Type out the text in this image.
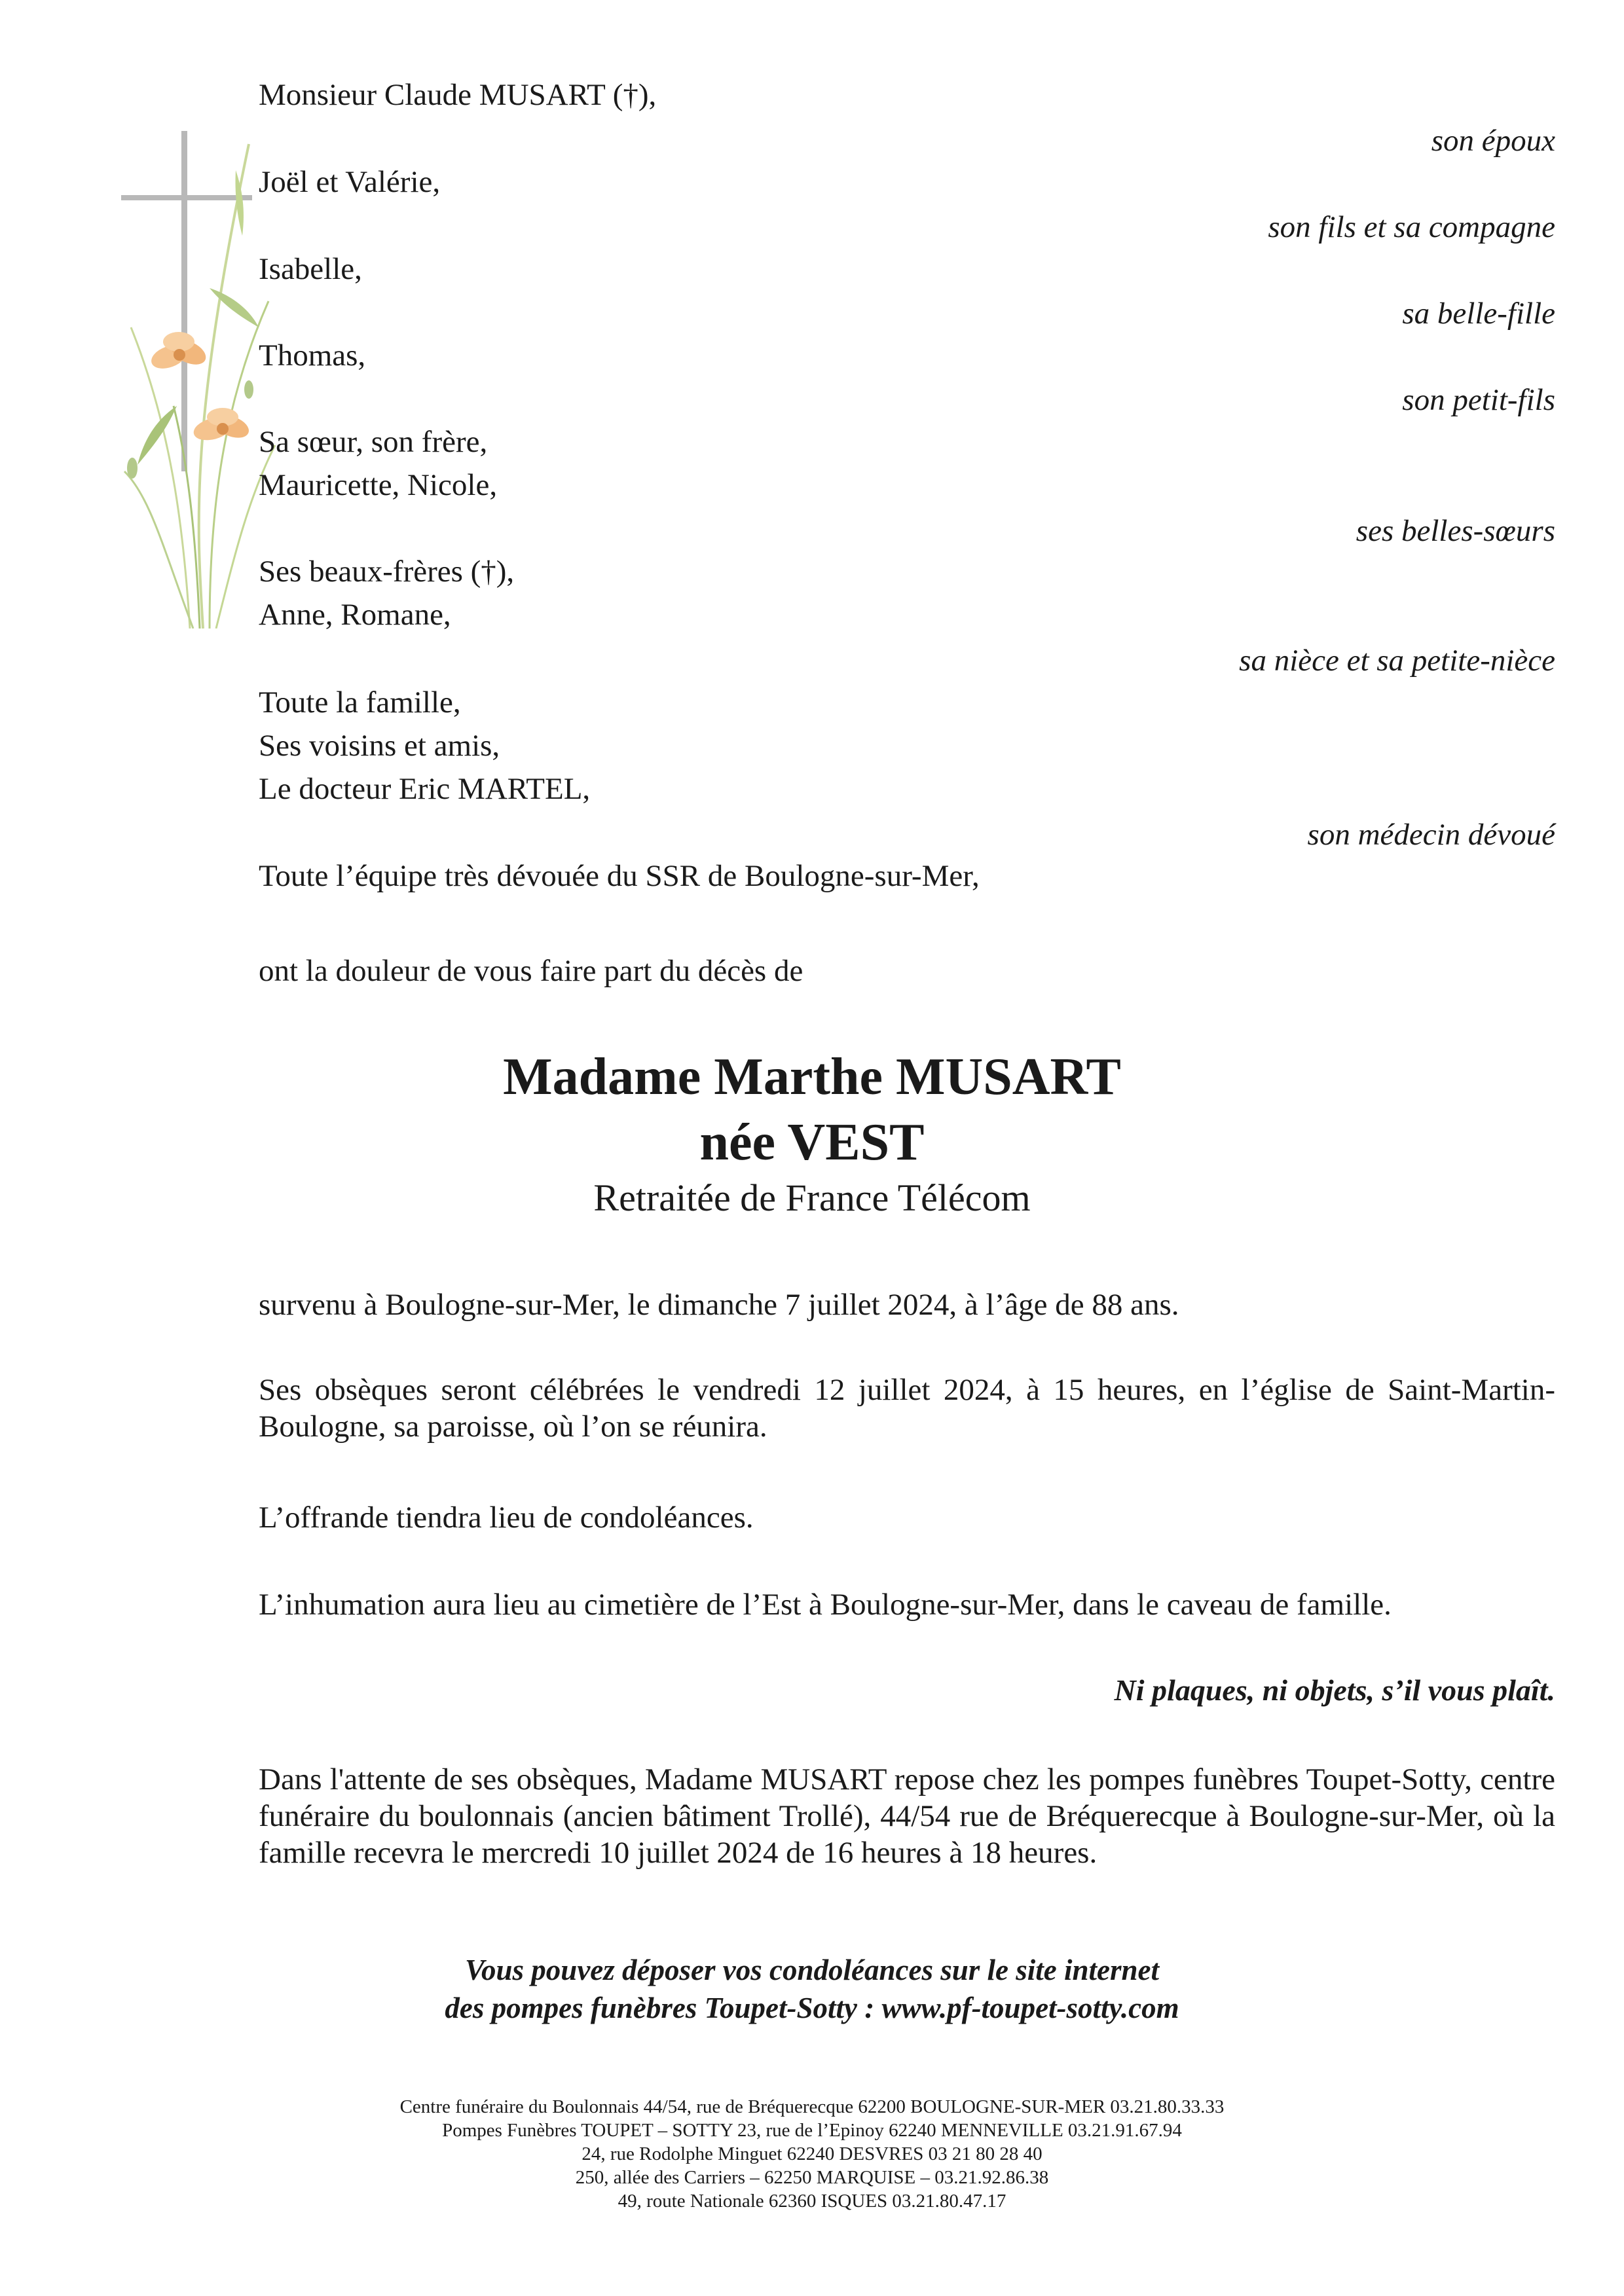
Monsieur Claude MUSART (†),
son époux
Joël et Valérie,
son fils et sa compagne
Isabelle,
sa belle-fille
Thomas,
son petit-fils
Sa sœur, son frère,
Mauricette, Nicole,
ses belles-sœurs
Ses beaux-frères (†),
Anne, Romane,
sa nièce et sa petite-nièce
Toute la famille,
Ses voisins et amis,
Le docteur Eric MARTEL,
son médecin dévoué
Toute l’équipe très dévouée du SSR de Boulogne-sur-Mer,
ont la douleur de vous faire part du décès de
Madame Marthe MUSART
née VEST
Retraitée de France Télécom
survenu à Boulogne-sur-Mer, le dimanche 7 juillet 2024, à l’âge de 88 ans.
Ses obsèques seront célébrées le vendredi 12 juillet 2024, à 15 heures, en l’église de Saint-Martin-Boulogne, sa paroisse, où l’on se réunira.
L’offrande tiendra lieu de condoléances.
L’inhumation aura lieu au cimetière de l’Est à Boulogne-sur-Mer, dans le caveau de famille.
Ni plaques, ni objets, s’il vous plaît.
Dans l'attente de ses obsèques, Madame MUSART repose chez les pompes funèbres Toupet-Sotty, centre funéraire du boulonnais (ancien bâtiment Trollé), 44/54 rue de Bréquerecque à Boulogne-sur-Mer, où la famille recevra le mercredi 10 juillet 2024 de 16 heures à 18 heures.
Vous pouvez déposer vos condoléances sur le site internet
des pompes funèbres Toupet-Sotty : www.pf-toupet-sotty.com
Centre funéraire du Boulonnais 44/54, rue de Bréquerecque 62200 BOULOGNE-SUR-MER 03.21.80.33.33
Pompes Funèbres TOUPET – SOTTY 23, rue de l’Epinoy 62240 MENNEVILLE 03.21.91.67.94
24, rue Rodolphe Minguet 62240 DESVRES 03 21 80 28 40
250, allée des Carriers – 62250 MARQUISE – 03.21.92.86.38
49, route Nationale 62360 ISQUES 03.21.80.47.17
